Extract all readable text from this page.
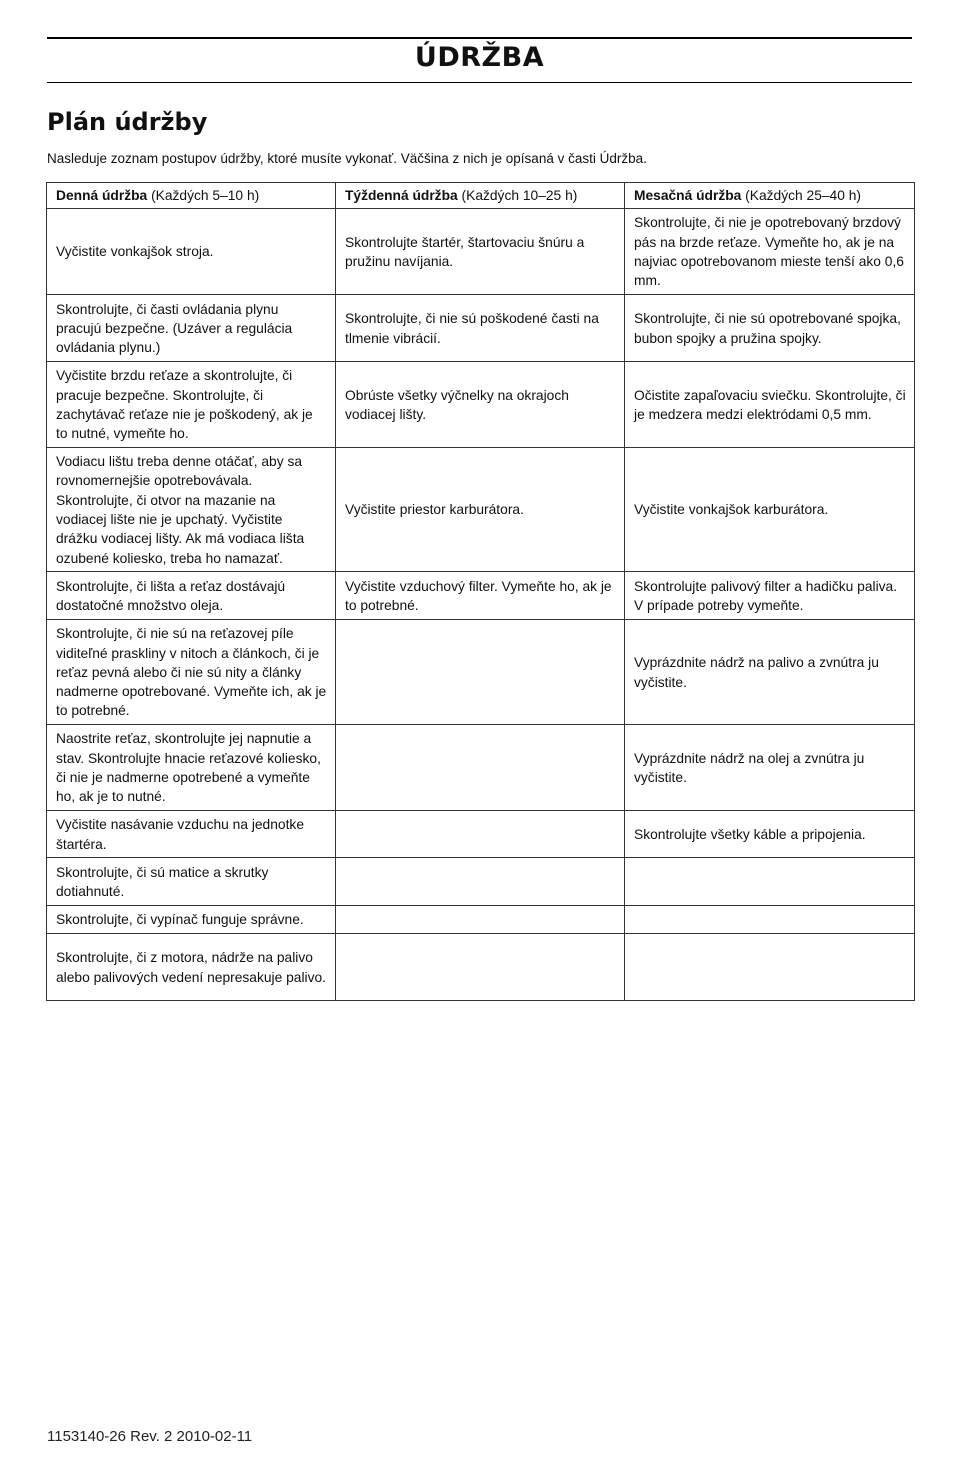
ÚDRŽBA
Plán údržby

Nasleduje zoznam postupov údržby, ktoré musíte vykonať. Väčšina z nich je opísaná v časti Údržba.

Denná údržba (Každých 5–10 h)	Týždenná údržba (Každých 10–25 h)	Mesačná údržba (Každých 25–40 h)
Vyčistite vonkajšok stroja.	Skontrolujte štartér, štartovaciu šnúru a pružinu navíjania.	Skontrolujte, či nie je opotrebovaný brzdový pás na brzde reťaze. Vymeňte ho, ak je na najviac opotrebovanom mieste tenší ako 0,6 mm.
Skontrolujte, či časti ovládania plynu pracujú bezpečne. (Uzáver a regulácia ovládania plynu.)	Skontrolujte, či nie sú poškodené časti na tlmenie vibrácií.	Skontrolujte, či nie sú opotrebované spojka, bubon spojky a pružina spojky.
Vyčistite brzdu reťaze a skontrolujte, či pracuje bezpečne. Skontrolujte, či zachytávač reťaze nie je poškodený, ak je to nutné, vymeňte ho.	Obrúste všetky výčnelky na okrajoch vodiacej lišty.	Očistite zapaľovaciu sviečku. Skontrolujte, či je medzera medzi elektródami 0,5 mm.
Vodiacu lištu treba denne otáčať, aby sa rovnomernejšie opotrebovávala. Skontrolujte, či otvor na mazanie na vodiacej lište nie je upchatý. Vyčistite drážku vodiacej lišty. Ak má vodiaca lišta ozubené koliesko, treba ho namazať.	Vyčistite priestor karburátora.	Vyčistite vonkajšok karburátora.
Skontrolujte, či lišta a reťaz dostávajú dostatočné množstvo oleja.	Vyčistite vzduchový filter. Vymeňte ho, ak je to potrebné.	Skontrolujte palivový filter a hadičku paliva. V prípade potreby vymeňte.
Skontrolujte, či nie sú na reťazovej píle viditeľné praskliny v nitoch a článkoch, či je reťaz pevná alebo či nie sú nity a články nadmerne opotrebované. Vymeňte ich, ak je to potrebné.		Vyprázdnite nádrž na palivo a zvnútra ju vyčistite.
Naostrite reťaz, skontrolujte jej napnutie a stav. Skontrolujte hnacie reťazové koliesko, či nie je nadmerne opotrebené a vymeňte ho, ak je to nutné.		Vyprázdnite nádrž na olej a zvnútra ju vyčistite.
Vyčistite nasávanie vzduchu na jednotke štartéra.		Skontrolujte všetky káble a pripojenia.
Skontrolujte, či sú matice a skrutky dotiahnuté.		
Skontrolujte, či vypínač funguje správne.		
Skontrolujte, či z motora, nádrže na palivo alebo palivových vedení nepresakuje palivo.		
1153140-26 Rev. 2 2010-02-11
